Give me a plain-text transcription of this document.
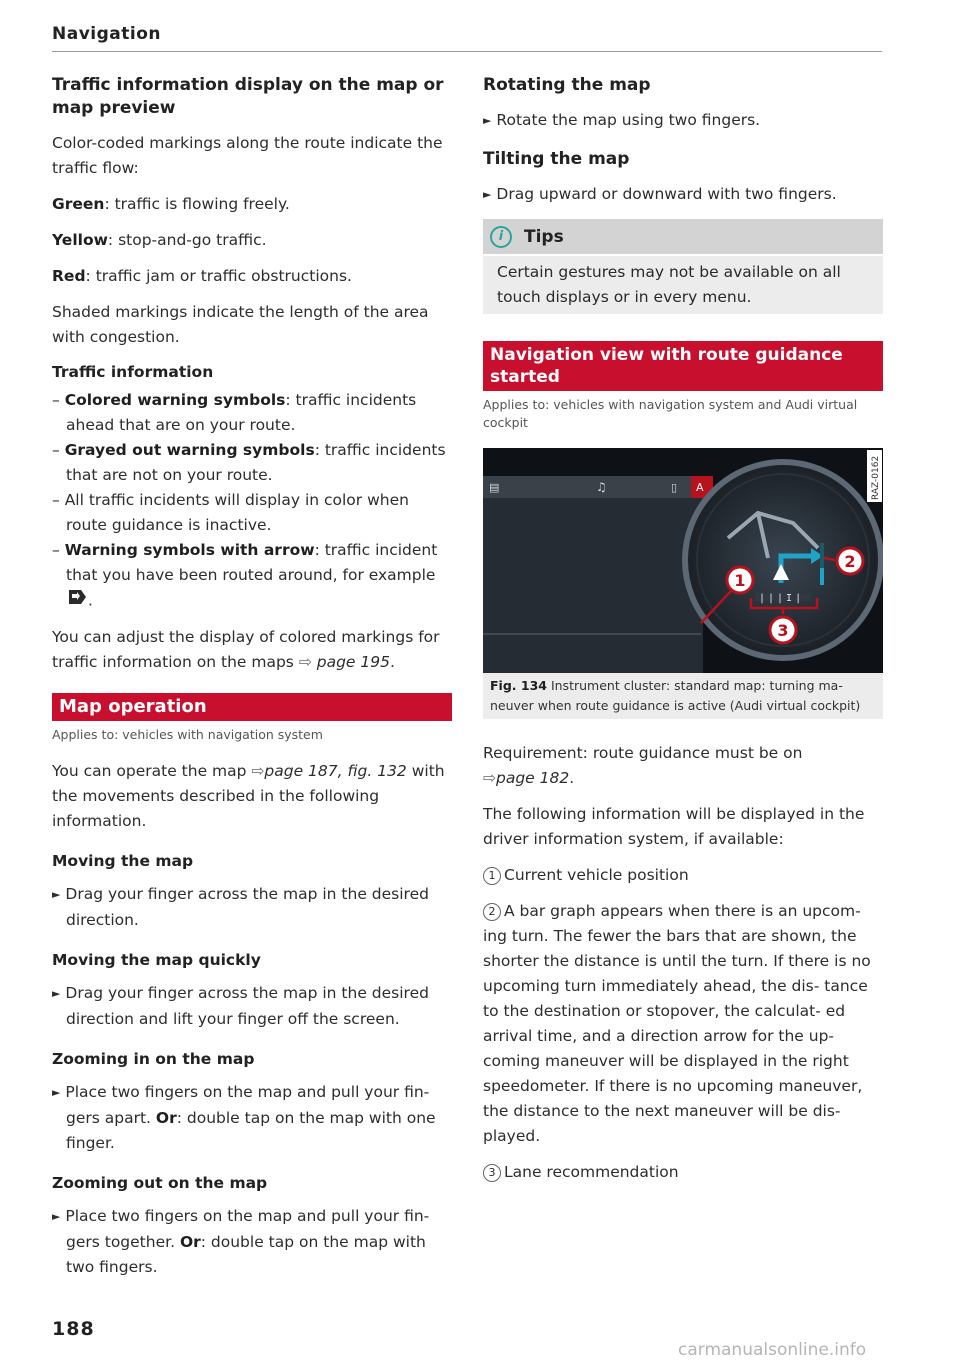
Navigation
Traffic information display on the map or map preview

Color-coded markings along the route indicate the traffic flow:

Green: traffic is flowing freely.

Yellow: stop-and-go traffic.

Red: traffic jam or traffic obstructions.

Shaded markings indicate the length of the area with congestion.

Traffic information
– Colored warning symbols: traffic incidents ahead that are on your route.
– Grayed out warning symbols: traffic incidents that are not on your route.
– All traffic incidents will display in color when route guidance is inactive.
– Warning symbols with arrow: traffic incident that you have been routed around, for example
.

You can adjust the display of colored markings for traffic information on the maps ⇨ page 195.

Map operation
Applies to: vehicles with navigation system

You can operate the map ⇨page 187, fig. 132 with the movements described in the following information.

Moving the map

► Drag your finger across the map in the desired direction.

Moving the map quickly

► Drag your finger across the map in the desired direction and lift your finger off the screen.

Zooming in on the map

► Place two fingers on the map and pull your fin- gers apart. Or: double tap on the map with one finger.

Zooming out on the map

► Place two fingers on the map and pull your fin- gers together. Or: double tap on the map with two fingers.

Rotating the map

► Rotate the map using two fingers.

Tilting the map

► Drag upward or downward with two fingers.

i	Tips
Certain gestures may not be available on all touch displays or in every menu.
Navigation view with route guidance started
Applies to: vehicles with navigation system and Audi virtual cockpit
▤	♫	▯ A
|||I|
1
2
3
RAZ-0162
Fig. 134 Instrument cluster: standard map: turning ma- neuver when route guidance is active (Audi virtual cockpit)

Requirement: route guidance must be on
⇨page 182.

The following information will be displayed in the driver information system, if available:

1 Current vehicle position

2 A bar graph appears when there is an upcom- ing turn. The fewer the bars that are shown, the shorter the distance is until the turn. If there is no upcoming turn immediately ahead, the dis- tance to the destination or stopover, the calculat- ed arrival time, and a direction arrow for the up- coming maneuver will be displayed in the right speedometer. If there is no upcoming maneuver, the distance to the next maneuver will be dis- played.

3 Lane recommendation

188
carmanualsonline.info
